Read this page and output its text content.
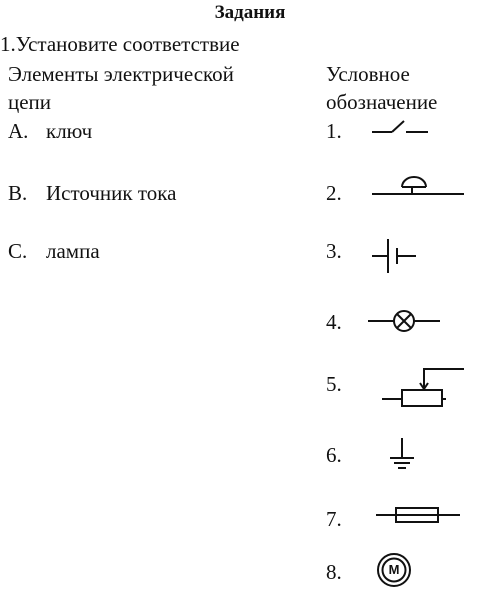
Задания
1.Установите соответствие
Элементы электрической
цепи
Условное
обозначение
A. ключ
B. Источник тока
C. лампа
1.
2.
3.
4.
5.
6.
7.
8.	M
